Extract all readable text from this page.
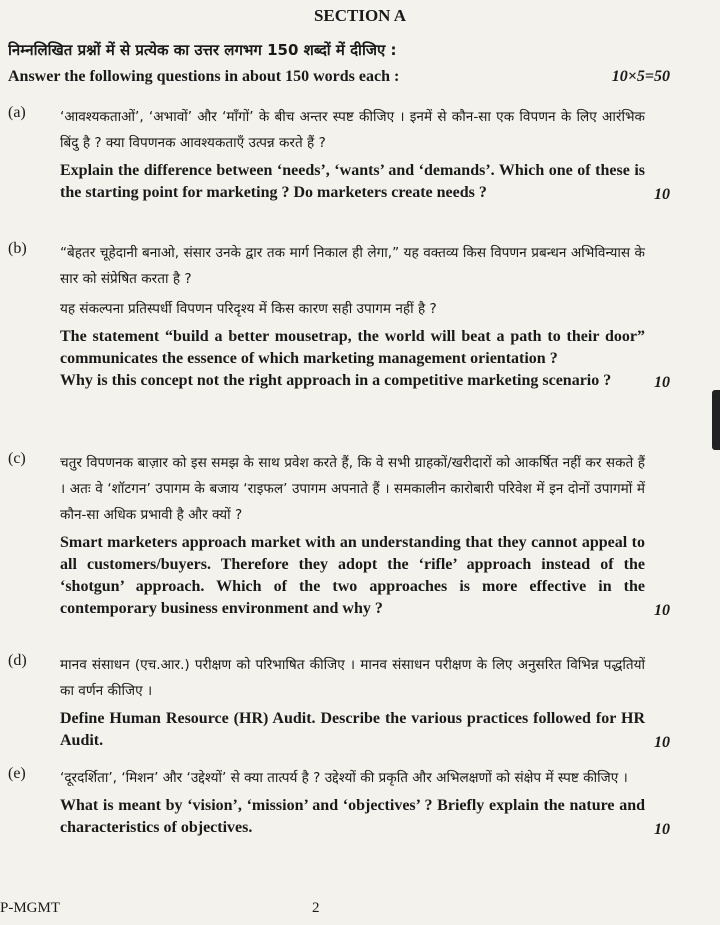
SECTION A
निम्नलिखित प्रश्नों में से प्रत्येक का उत्तर लगभग 150 शब्दों में दीजिए :
Answer the following questions in about 150 words each :	10×5=50
(a)	‘आवश्यकताओं’, ‘अभावों’ और ‘माँगों’ के बीच अन्तर स्पष्ट कीजिए । इनमें से कौन-सा एक विपणन के लिए आरंभिक बिंदु है ? क्या विपणनक आवश्यकताएँ उत्पन्न करते हैं ?

Explain the difference between ‘needs’, ‘wants’ and ‘demands’. Which one of these is the starting point for marketing ? Do marketers create needs ?	10
(b) “बेहतर चूहेदानी बनाओ, संसार उनके द्वार तक मार्ग निकाल ही लेगा,” यह वक्तव्य किस विपणन प्रबन्धन अभिविन्यास के सार को संप्रेषित करता है ?

यह संकल्पना प्रतिस्पर्धी विपणन परिदृश्य में किस कारण सही उपागम नहीं है ?

The statement “build a better mousetrap, the world will beat a path to their door” communicates the essence of which marketing management orientation ?

Why is this concept not the right approach in a competitive marketing scenario ?	10
(c)	चतुर विपणनक बाज़ार को इस समझ के साथ प्रवेश करते हैं, कि वे सभी ग्राहकों/खरीदारों को आकर्षित नहीं कर सकते हैं । अतः वे ‘शॉटगन’ उपागम के बजाय ‘राइफल’ उपागम अपनाते हैं । समकालीन कारोबारी परिवेश में इन दोनों उपागमों में कौन-सा अधिक प्रभावी है और क्यों ?

Smart marketers approach market with an understanding that they cannot appeal to all customers/buyers. Therefore they adopt the ‘rifle’ approach instead of the ‘shotgun’ approach. Which of the two approaches is more effective in the contemporary business environment and why ?	10
(d) मानव संसाधन (एच.आर.) परीक्षण को परिभाषित कीजिए । मानव संसाधन परीक्षण के लिए अनुसरित विभिन्न पद्धतियों का वर्णन कीजिए ।

Define Human Resource (HR) Audit. Describe the various practices followed for HR Audit.	10
(e)	‘दूरदर्शिता’, ‘मिशन’ और ‘उद्देश्यों’ से क्या तात्पर्य है ? उद्देश्यों की प्रकृति और अभिलक्षणों को संक्षेप में स्पष्ट कीजिए ।

What is meant by ‘vision’, ‘mission’ and ‘objectives’ ? Briefly explain the nature and characteristics of objectives.	10
P-MGMT	2
